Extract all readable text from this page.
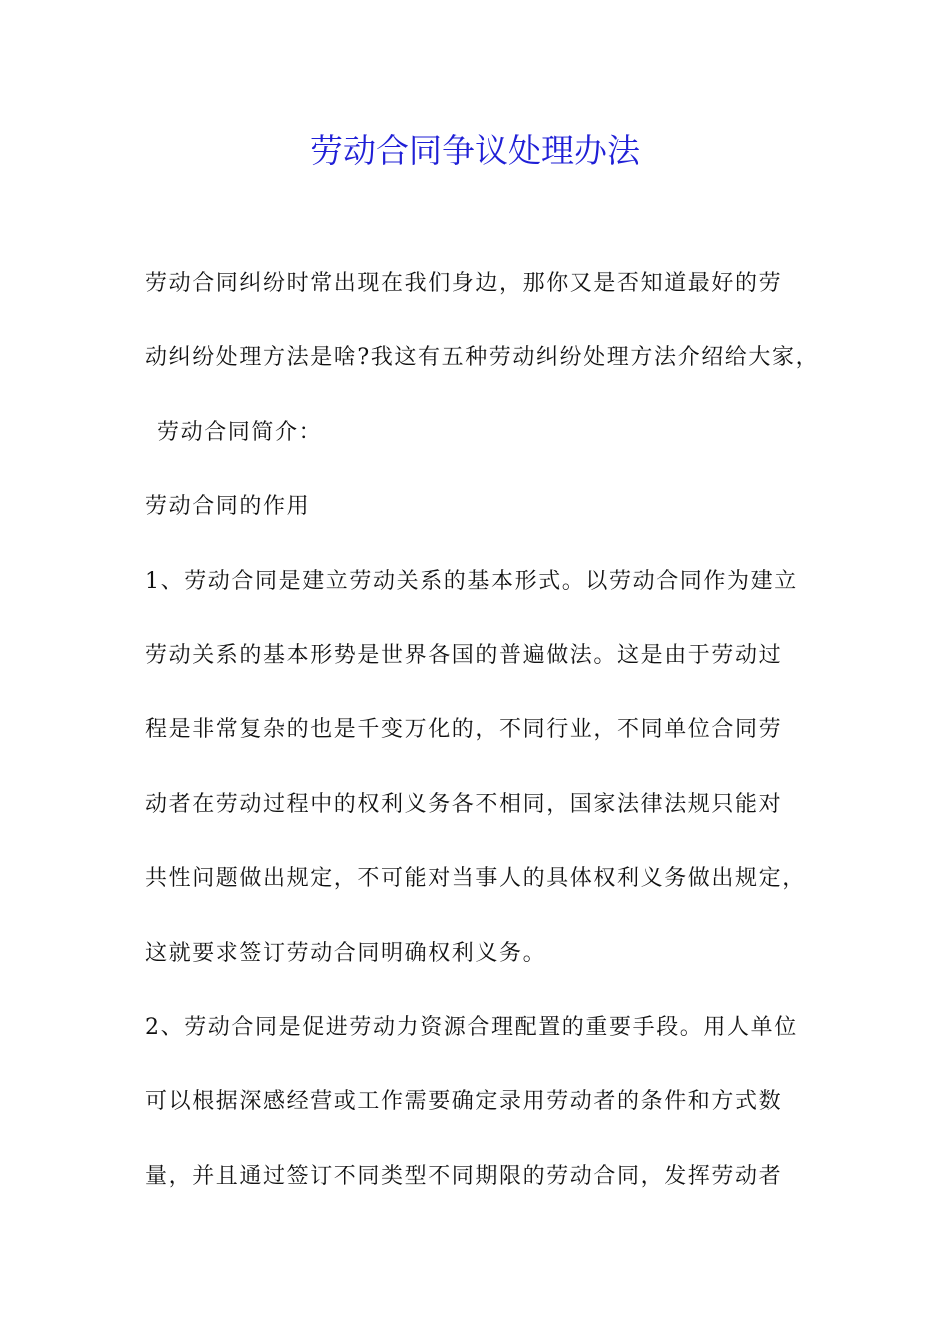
劳动合同争议处理办法

劳动合同纠纷时常出现在我们身边，那你又是否知道最好的劳

动纠纷处理方法是啥?我这有五种劳动纠纷处理方法介绍给大家，

劳动合同简介：

劳动合同的作用

1、劳动合同是建立劳动关系的基本形式。以劳动合同作为建立

劳动关系的基本形势是世界各国的普遍做法。这是由于劳动过

程是非常复杂的也是千变万化的，不同行业，不同单位合同劳

动者在劳动过程中的权利义务各不相同，国家法律法规只能对

共性问题做出规定，不可能对当事人的具体权利义务做出规定，

这就要求签订劳动合同明确权利义务。

2、劳动合同是促进劳动力资源合理配置的重要手段。用人单位

可以根据深感经营或工作需要确定录用劳动者的条件和方式数

量，并且通过签订不同类型不同期限的劳动合同，发挥劳动者
